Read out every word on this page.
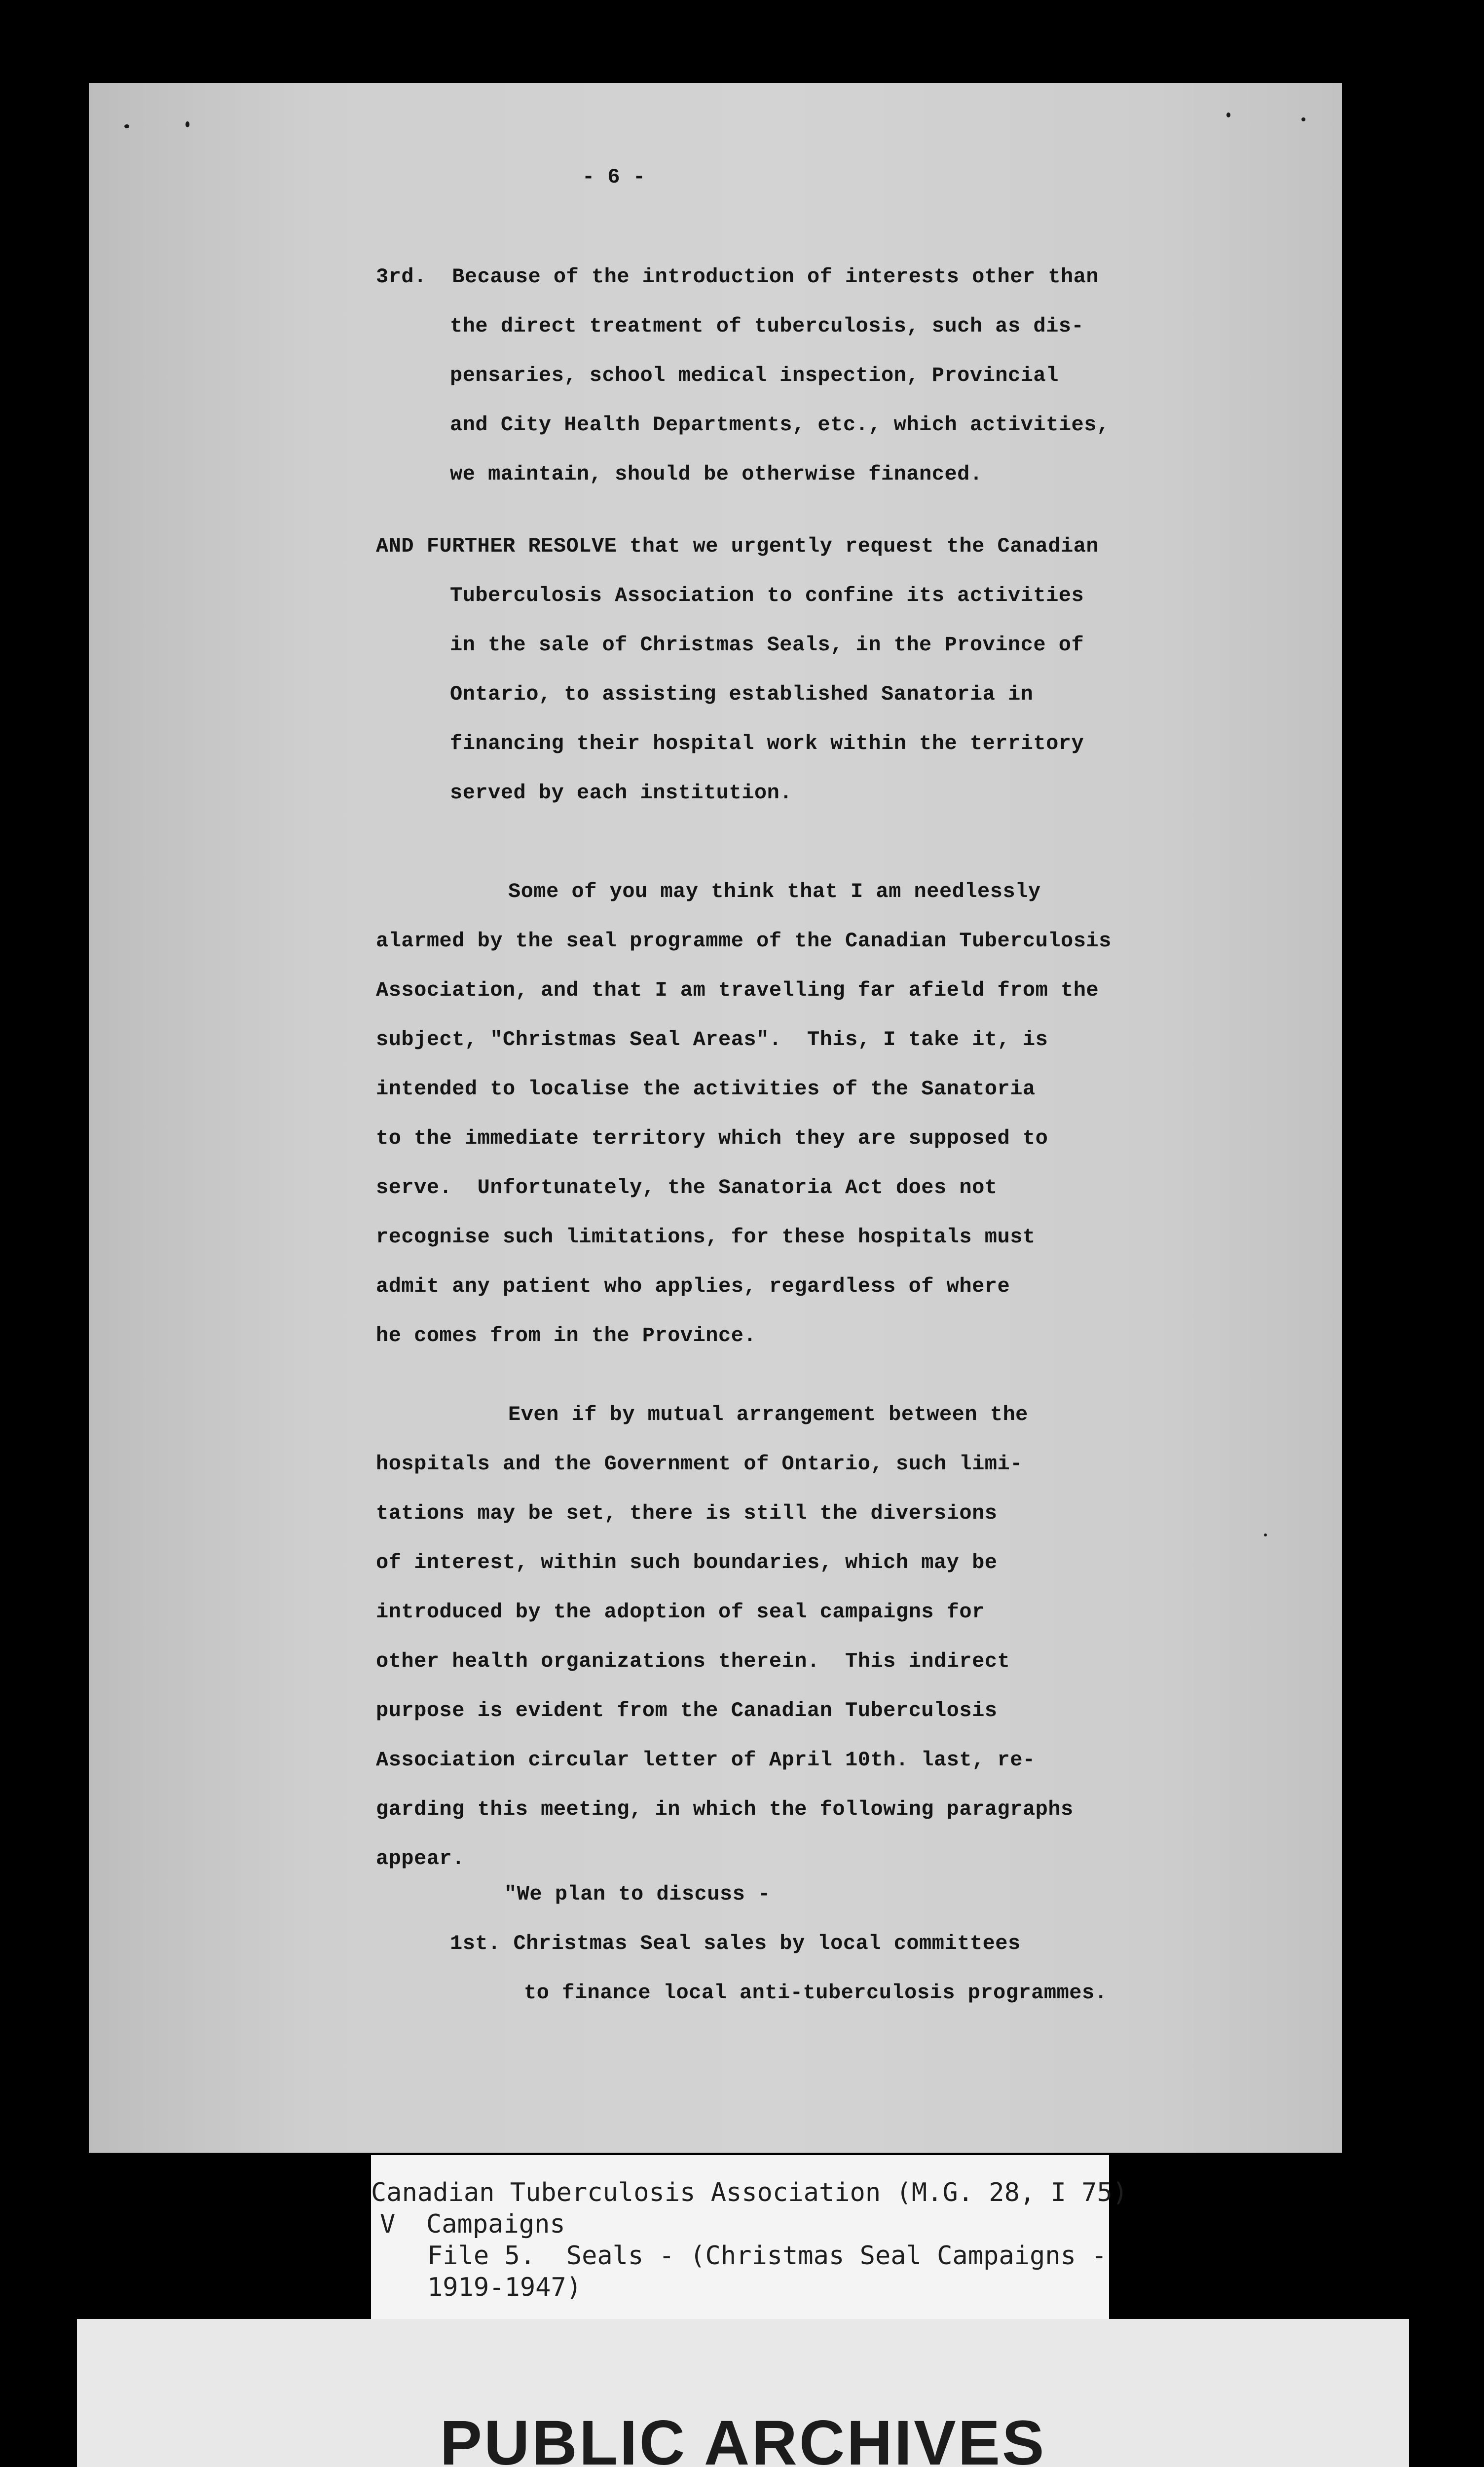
- 6 -
3rd.  Because of the introduction of interests other than
the direct treatment of tuberculosis, such as dis-
pensaries, school medical inspection, Provincial
and City Health Departments, etc., which activities,
we maintain, should be otherwise financed.
AND FURTHER RESOLVE that we urgently request the Canadian
Tuberculosis Association to confine its activities
in the sale of Christmas Seals, in the Province of
Ontario, to assisting established Sanatoria in
financing their hospital work within the territory
served by each institution.
Some of you may think that I am needlessly
alarmed by the seal programme of the Canadian Tuberculosis
Association, and that I am travelling far afield from the
subject, "Christmas Seal Areas".  This, I take it, is
intended to localise the activities of the Sanatoria
to the immediate territory which they are supposed to
serve.  Unfortunately, the Sanatoria Act does not
recognise such limitations, for these hospitals must
admit any patient who applies, regardless of where
he comes from in the Province.
Even if by mutual arrangement between the
hospitals and the Government of Ontario, such limi-
tations may be set, there is still the diversions
of interest, within such boundaries, which may be
introduced by the adoption of seal campaigns for
other health organizations therein.  This indirect
purpose is evident from the Canadian Tuberculosis
Association circular letter of April 10th. last, re-
garding this meeting, in which the following paragraphs
appear.
"We plan to discuss -
1st. Christmas Seal sales by local committees
to finance local anti-tuberculosis programmes.
Canadian Tuberculosis Association (M.G. 28, I 75)
V  Campaigns
File 5.  Seals - (Christmas Seal Campaigns -
1919-1947)
PUBLIC ARCHIVES
